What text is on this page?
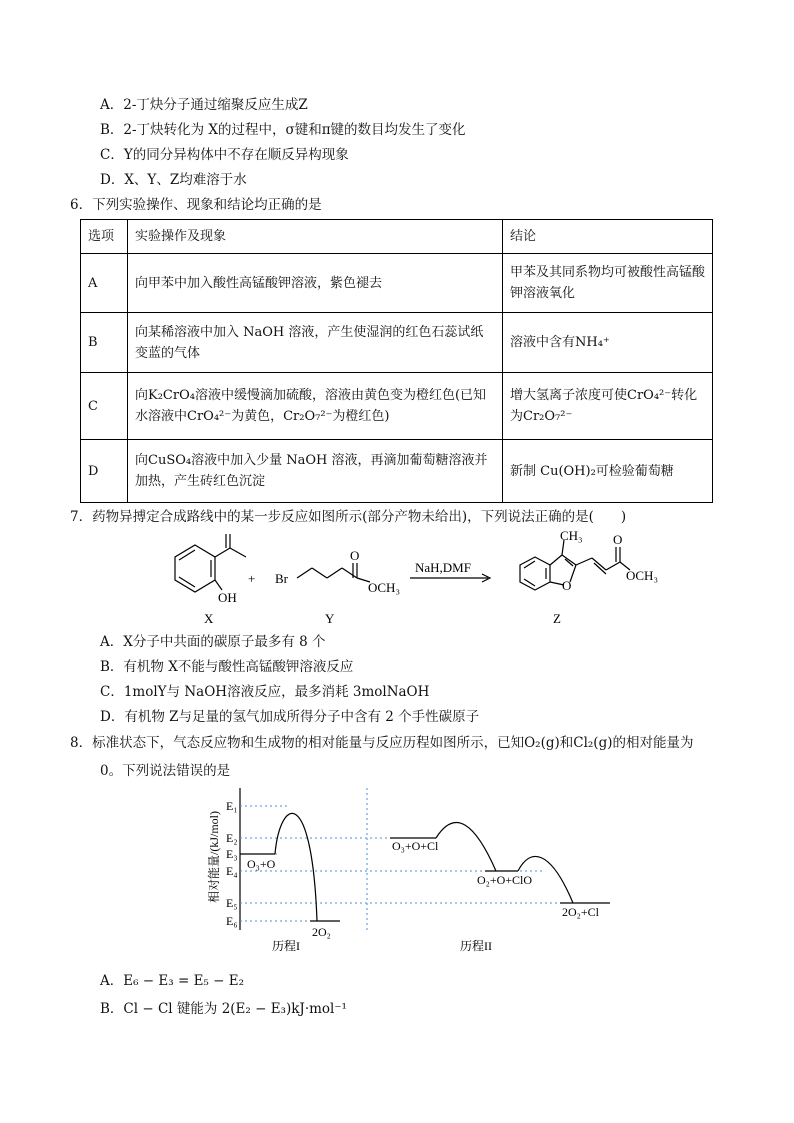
A．2-丁炔分子通过缩聚反应生成Z
B．2-丁炔转化为 X的过程中，σ键和π键的数目均发生了变化
C．Y的同分异构体中不存在顺反异构现象
D．X、Y、Z均难溶于水
6．下列实验操作、现象和结论均正确的是
选项	实验操作及现象	结论
A	向甲苯中加入酸性高锰酸钾溶液，紫色褪去	甲苯及其同系物均可被酸性高锰酸钾溶液氧化
B	向某稀溶液中加入 NaOH 溶液，产生使湿润的红色石蕊试纸变蓝的气体	溶液中含有NH₄⁺
C	向K₂CrO₄溶液中缓慢滴加硫酸，溶液由黄色变为橙红色(已知水溶液中CrO₄²⁻为黄色，Cr₂O₇²⁻为橙红色)	增大氢离子浓度可使CrO₄²⁻转化为Cr₂O₇²⁻
D	向CuSO₄溶液中加入少量 NaOH 溶液，再滴加葡萄糖溶液并加热，产生砖红色沉淀	新制 Cu(OH)₂可检验葡萄糖
7．药物异搏定合成路线中的某一步反应如图所示(部分产物未给出)，下列说法正确的是(　　)
OH
+ Br
O
OCH₃
NaH,DMF
O
CH₃ O
OCH₃
X	Y	Z
A．X分子中共面的碳原子最多有 8 个
B．有机物 X不能与酸性高锰酸钾溶液反应
C．1molY与 NaOH溶液反应，最多消耗 3molNaOH
D．有机物 Z与足量的氢气加成所得分子中含有 2 个手性碳原子
8．标准状态下，气态反应物和生成物的相对能量与反应历程如图所示，已知O₂(g)和Cl₂(g)的相对能量为
0。下列说法错误的是
E₁
E₂
E₃
E₄
E₅
E₆
O₃+O
2O₂
O₃+O+Cl
O₂+O+ClO
2O₂+Cl
历程I	历程II
相对能量/(kJ/mol)
A．E₆ − E₃ = E₅ − E₂
B．Cl − Cl 键能为 2(E₂ − E₃)kJ·mol⁻¹
